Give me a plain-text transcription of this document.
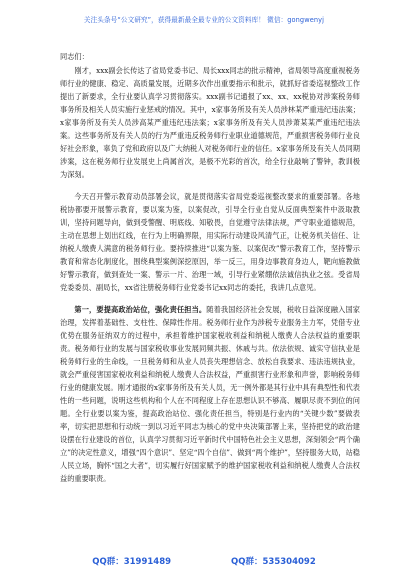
关注头条号“公文研究”，获得最新最全最专业的公文资料库！ 微信：gongwenyj

同志们：

刚才，xxx副会长传达了省局党委书记、局长xxx同志的批示精神，省局领导高度重视税务师行业的健康、稳定、高质量发展，近期多次作出重要指示和批示，就抓好省委巡视整改工作提出了新要求，全行业要认真学习贯彻落实。xxx副书记通报了xx、xx、xx税协对涉案税务师事务所及相关人员实施行业惩戒的情况。其中，x家事务所及有关人员涉林某严重违纪违法案；x家事务所及有关人员涉高某严重违纪违法案；x家事务所及有关人员涉萧某某严重违纪违法案。这些事务所及有关人员的行为严重违反税务师行业职业道德规范，严重损害税务师行业良好社会形象，辜负了党和政府以及广大纳税人对税务师行业的信任。x家事务所及有关人员同期涉案，这在税务师行业发展史上尚属首次，是极不光彩的首次，给全行业敲响了警钟，教训极为深刻。

今天召开警示教育动员部署会议，就是贯彻落实省局党委巡视整改要求的重要部署。各地税协都要开展警示教育，要以案为鉴，以案促改，引导全行业自觉从反面典型案件中汲取教训，坚持问题导向，做到受警醒、明底线、知敬畏，自觉遵守法律法规，严守职业道德规范，主动在思想上划出红线，在行为上明确界限，用实际行动建设风清气正，让税务机关信任、让纳税人缴费人满意的税务师行业。要持续推进“以案为鉴、以案促改”警示教育工作，坚持警示教育和常态化制度化，围绕典型案例深挖原因，举一反三，用身边事教育身边人，靶向施教做好警示教育，做到查处一案、警示一片、治理一域，引导行业紧绷依法诚信执业之弦。受省局党委委员、副局长，xx省注册税务师行业党委书记xx同志的委托，我讲几点意见。

第一，要提高政治站位，强化责任担当。随着我国经济社会发展，税收日益深度融入国家治理，发挥着基础性、支柱性、保障性作用。税务师行业作为涉税专业服务主力军，凭借专业优势在服务征纳双方的过程中，承担着维护国家税收利益和纳税人缴费人合法权益的重要职责。税务师行业的发展与国家税收事业发展同频共振、休戚与共。依法依规、诚实守信执业是税务师行业的生命线，一旦税务师和从业人员丧失理想信念、放松自我要求、违法违规执业，就会严重侵害国家税收利益和纳税人缴费人合法权益，严重损害行业形象和声誉，影响税务师行业的健康发展。刚才通报的x家事务所及有关人员，无一例外都是其行业中具有典型性和代表性的一些问题，说明这些机构和个人在不同程度上存在思想认识不够高、履职尽责不到位的问题。全行业要以案为鉴，提高政治站位、强化责任担当，特别是行业内的“关键少数”要做表率，切实把思想和行动统一到以习近平同志为核心的党中央决策部署上来，坚持把党的政治建设摆在行业建设的首位，认真学习贯彻习近平新时代中国特色社会主义思想，深刻领会“两个确立”的决定性意义，增强“四个意识”、坚定“四个自信”、做到“两个维护”，坚持服务大局，站稳人民立场，胸怀“国之大者”，切实履行好国家赋予的维护国家税收利益和纳税人缴费人合法权益的重要职责。

QQ群：31991489	QQ群：535304092
